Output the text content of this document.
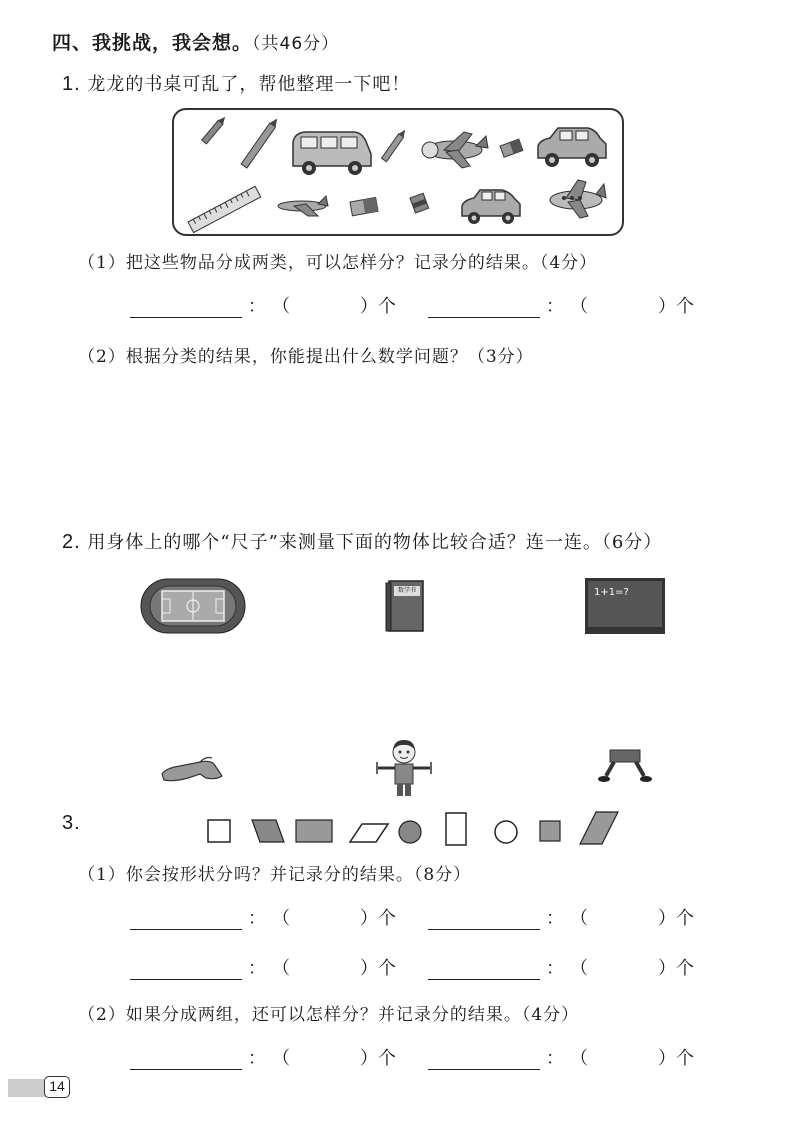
四、我挑战，我会想。（共46分）
1. 龙龙的书桌可乱了，帮他整理一下吧！
（1）把这些物品分成两类，可以怎样分？记录分的结果。（4分）
： （	）个	： （	）个
（2）根据分类的结果，你能提出什么数学问题？（3分）
2. 用身体上的哪个“尺子”来测量下面的物体比较合适？连一连。（6分）
数学书	1+1=?
3.
（1）你会按形状分吗？并记录分的结果。（8分）
： （	）个	： （	）个
： （	）个	： （	）个
（2）如果分成两组，还可以怎样分？并记录分的结果。（4分）
： （	）个	： （	）个
14
